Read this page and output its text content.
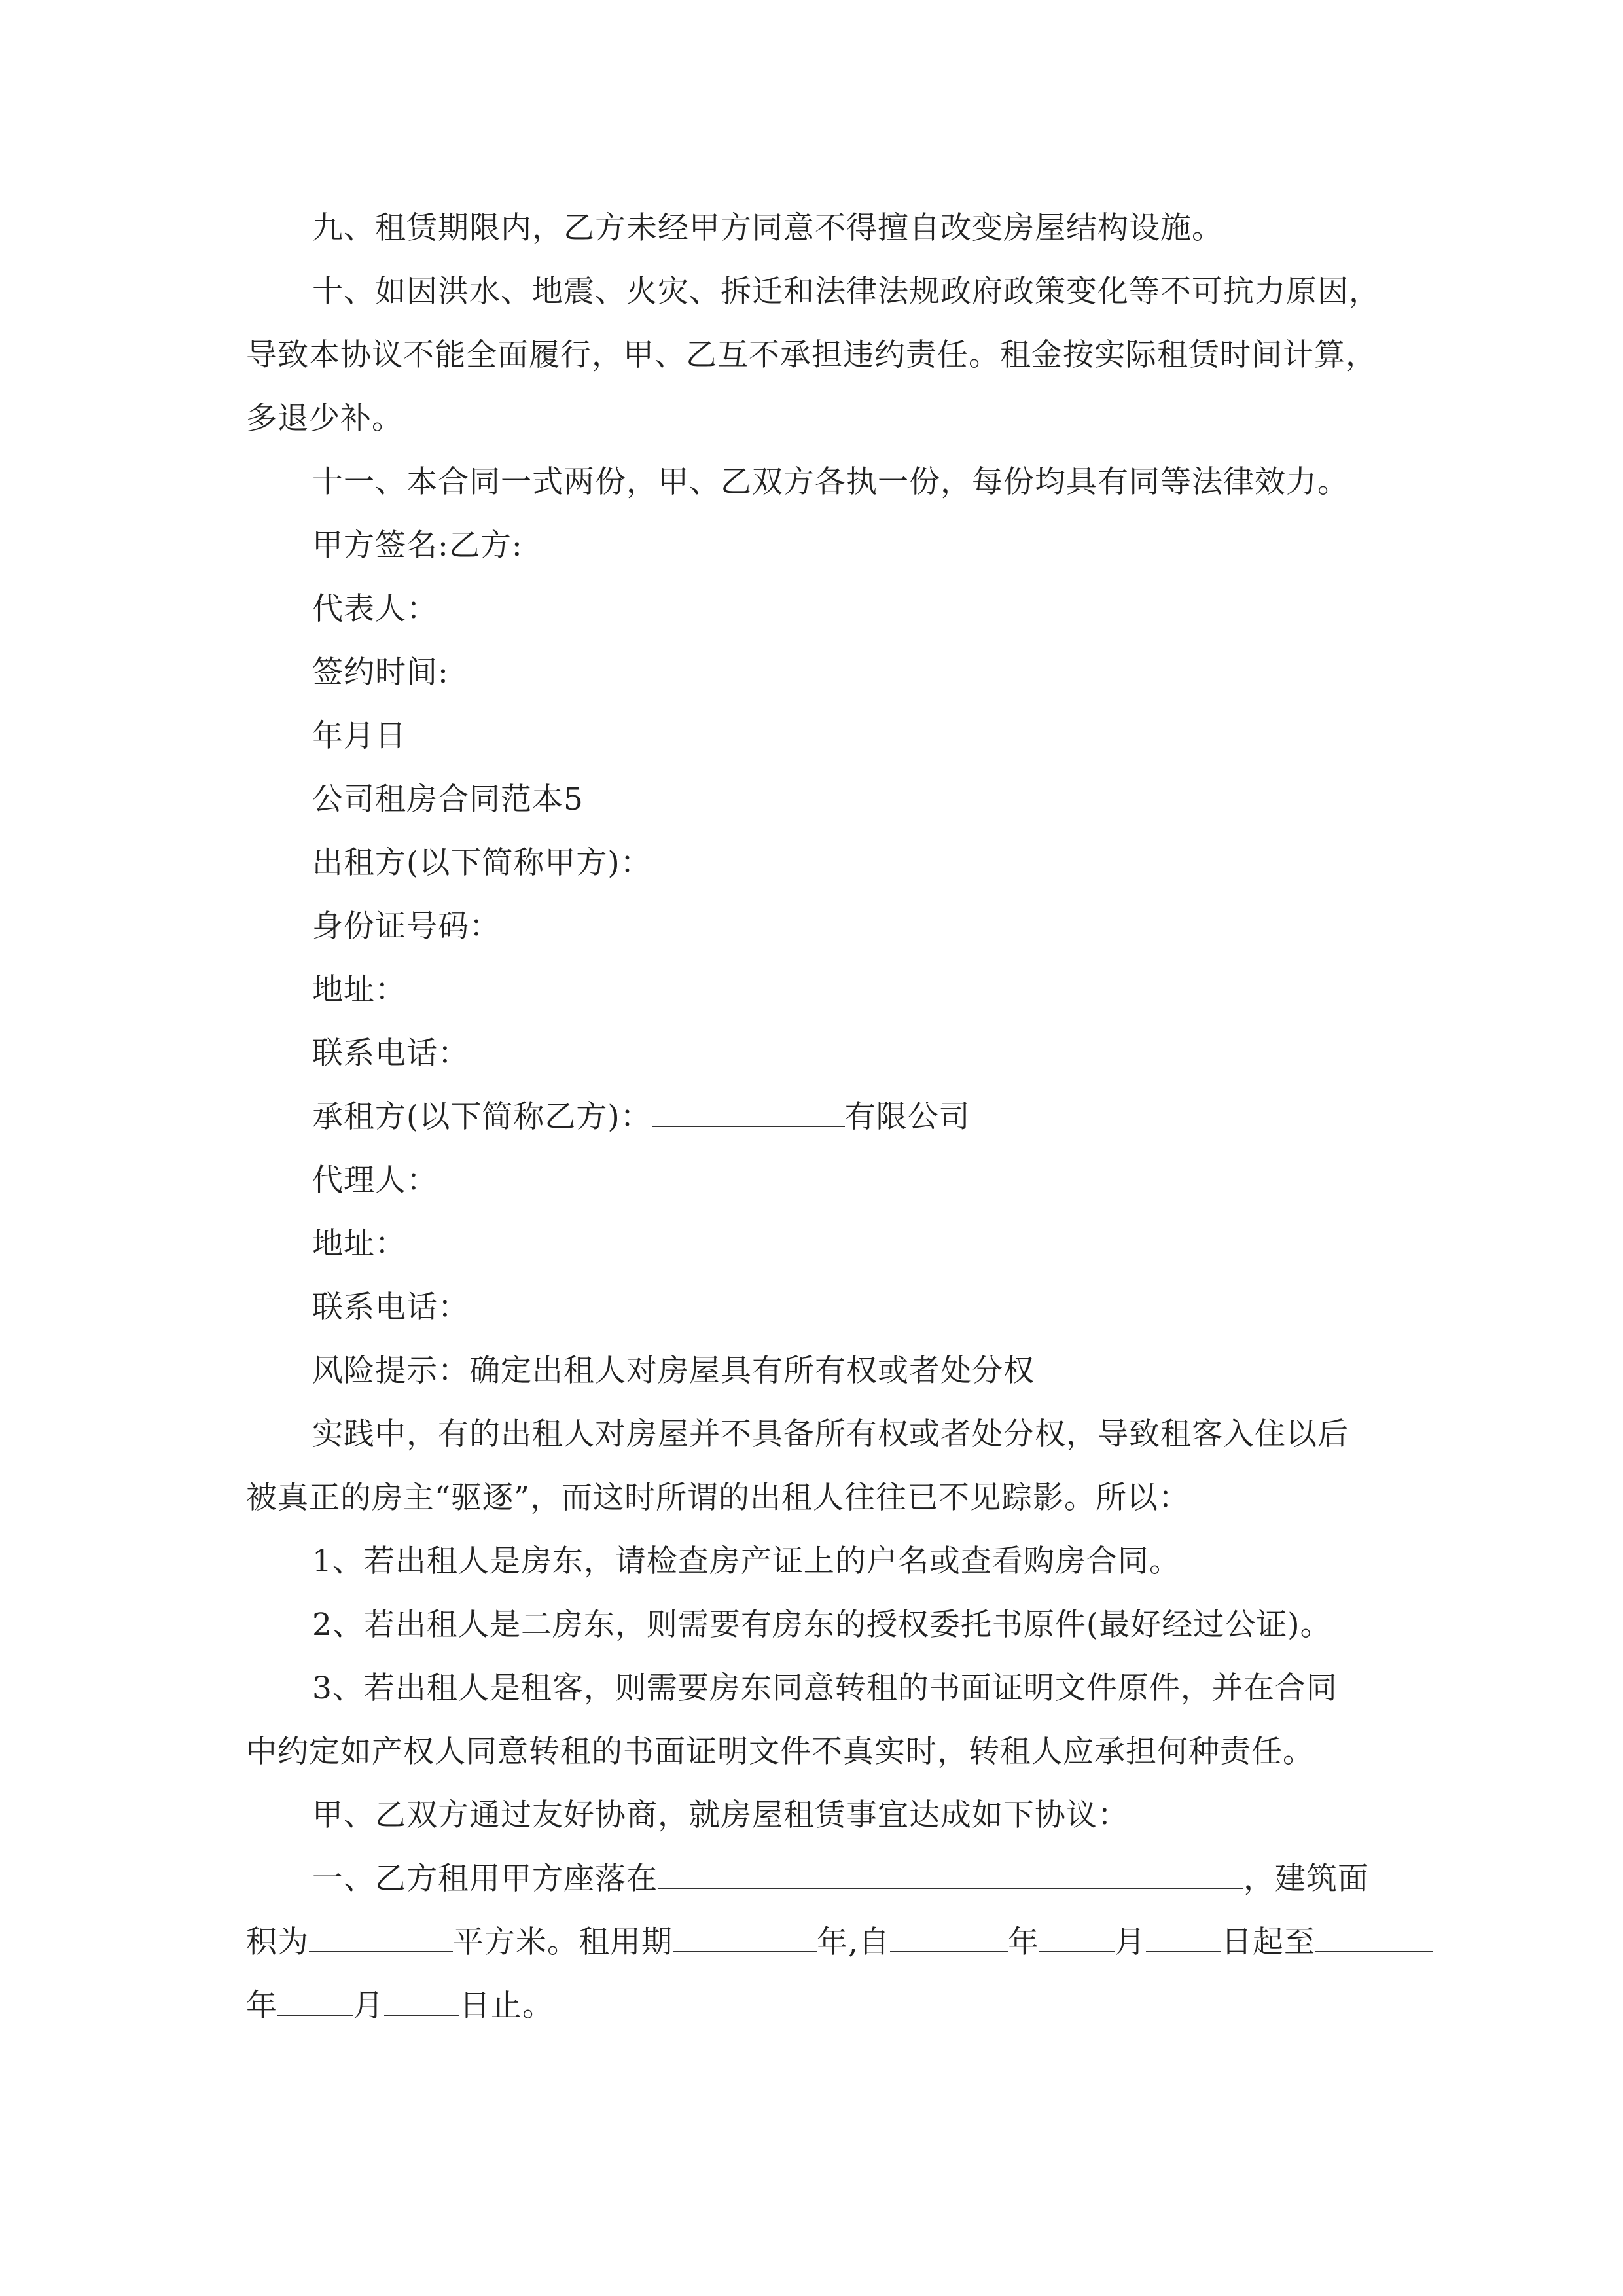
九、租赁期限内，乙方未经甲方同意不得擅自改变房屋结构设施。
十、如因洪水、地震、火灾、拆迁和法律法规政府政策变化等不可抗力原因，
导致本协议不能全面履行，甲、乙互不承担违约责任。租金按实际租赁时间计算，
多退少补。
十一、本合同一式两份，甲、乙双方各执一份，每份均具有同等法律效力。
甲方签名:乙方:
代表人：
签约时间:
年月日
公司租房合同范本5
出租方(以下简称甲方)：
身份证号码：
地址：
联系电话：
承租方(以下简称乙方)：	有限公司
代理人：
地址：
联系电话：
风险提示：确定出租人对房屋具有所有权或者处分权
实践中，有的出租人对房屋并不具备所有权或者处分权，导致租客入住以后
被真正的房主“驱逐”，而这时所谓的出租人往往已不见踪影。所以：
1、若出租人是房东，请检查房产证上的户名或查看购房合同。
2、若出租人是二房东，则需要有房东的授权委托书原件(最好经过公证)。
3、若出租人是租客，则需要房东同意转租的书面证明文件原件，并在合同
中约定如产权人同意转租的书面证明文件不真实时，转租人应承担何种责任。
甲、乙双方通过友好协商，就房屋租赁事宜达成如下协议：
一、乙方租用甲方座落在	，建筑面
积为	平方米。租用期	年,自	年 月 日起至
年 月 日止。
